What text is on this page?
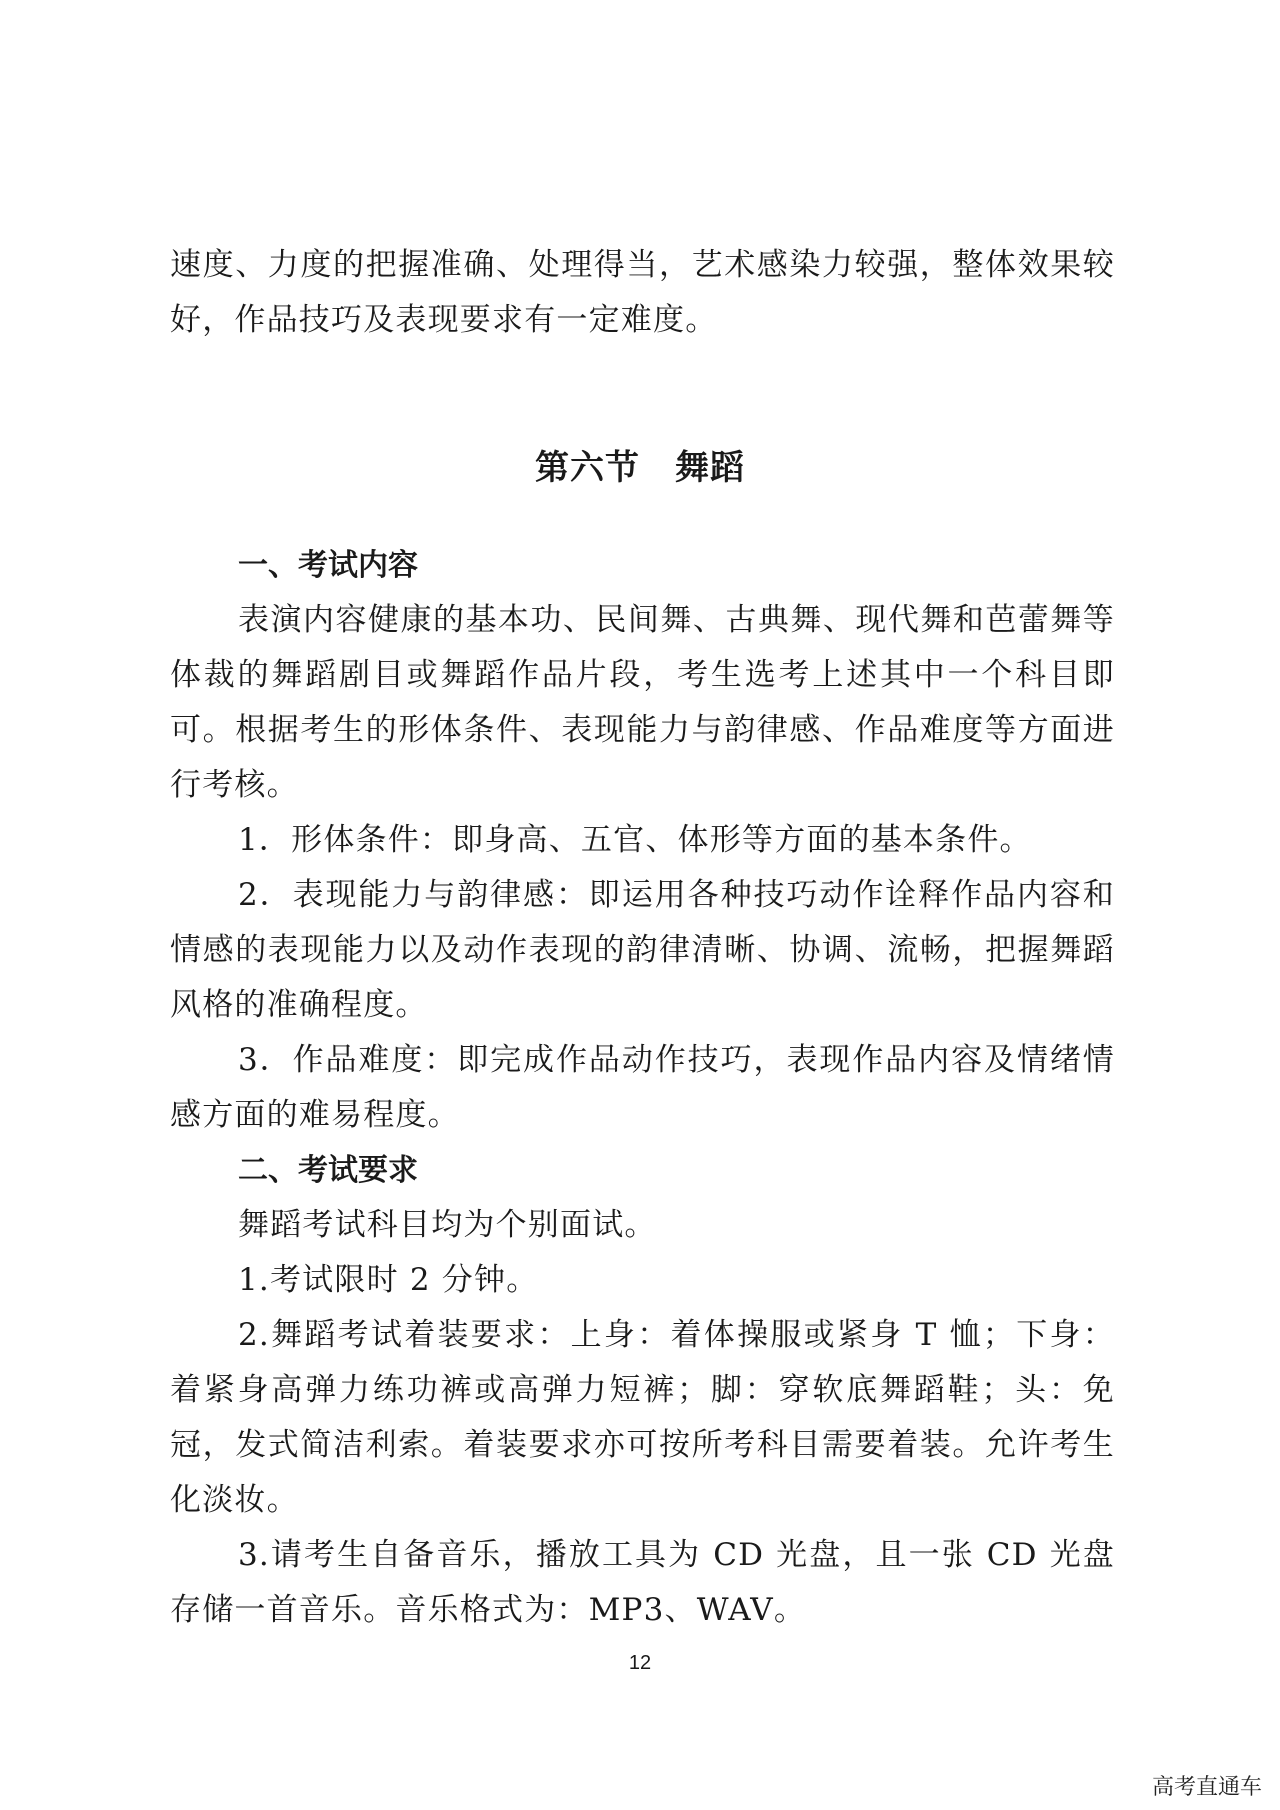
速度、力度的把握准确、处理得当，艺术感染力较强，整体效果较好，作品技巧及表现要求有一定难度。

第六节　舞蹈

一、考试内容

表演内容健康的基本功、民间舞、古典舞、现代舞和芭蕾舞等体裁的舞蹈剧目或舞蹈作品片段，考生选考上述其中一个科目即可。根据考生的形体条件、表现能力与韵律感、作品难度等方面进行考核。

1．形体条件：即身高、五官、体形等方面的基本条件。

2．表现能力与韵律感：即运用各种技巧动作诠释作品内容和情感的表现能力以及动作表现的韵律清晰、协调、流畅，把握舞蹈风格的准确程度。

3．作品难度：即完成作品动作技巧，表现作品内容及情绪情感方面的难易程度。

二、考试要求

舞蹈考试科目均为个别面试。

1.考试限时 2 分钟。

2.舞蹈考试着装要求：上身：着体操服或紧身 T 恤；下身：着紧身高弹力练功裤或高弹力短裤；脚：穿软底舞蹈鞋；头：免冠，发式简洁利索。着装要求亦可按所考科目需要着装。允许考生化淡妆。

3.请考生自备音乐，播放工具为 CD 光盘，且一张 CD 光盘存储一首音乐。音乐格式为：MP3、WAV。

12
高考直通车
